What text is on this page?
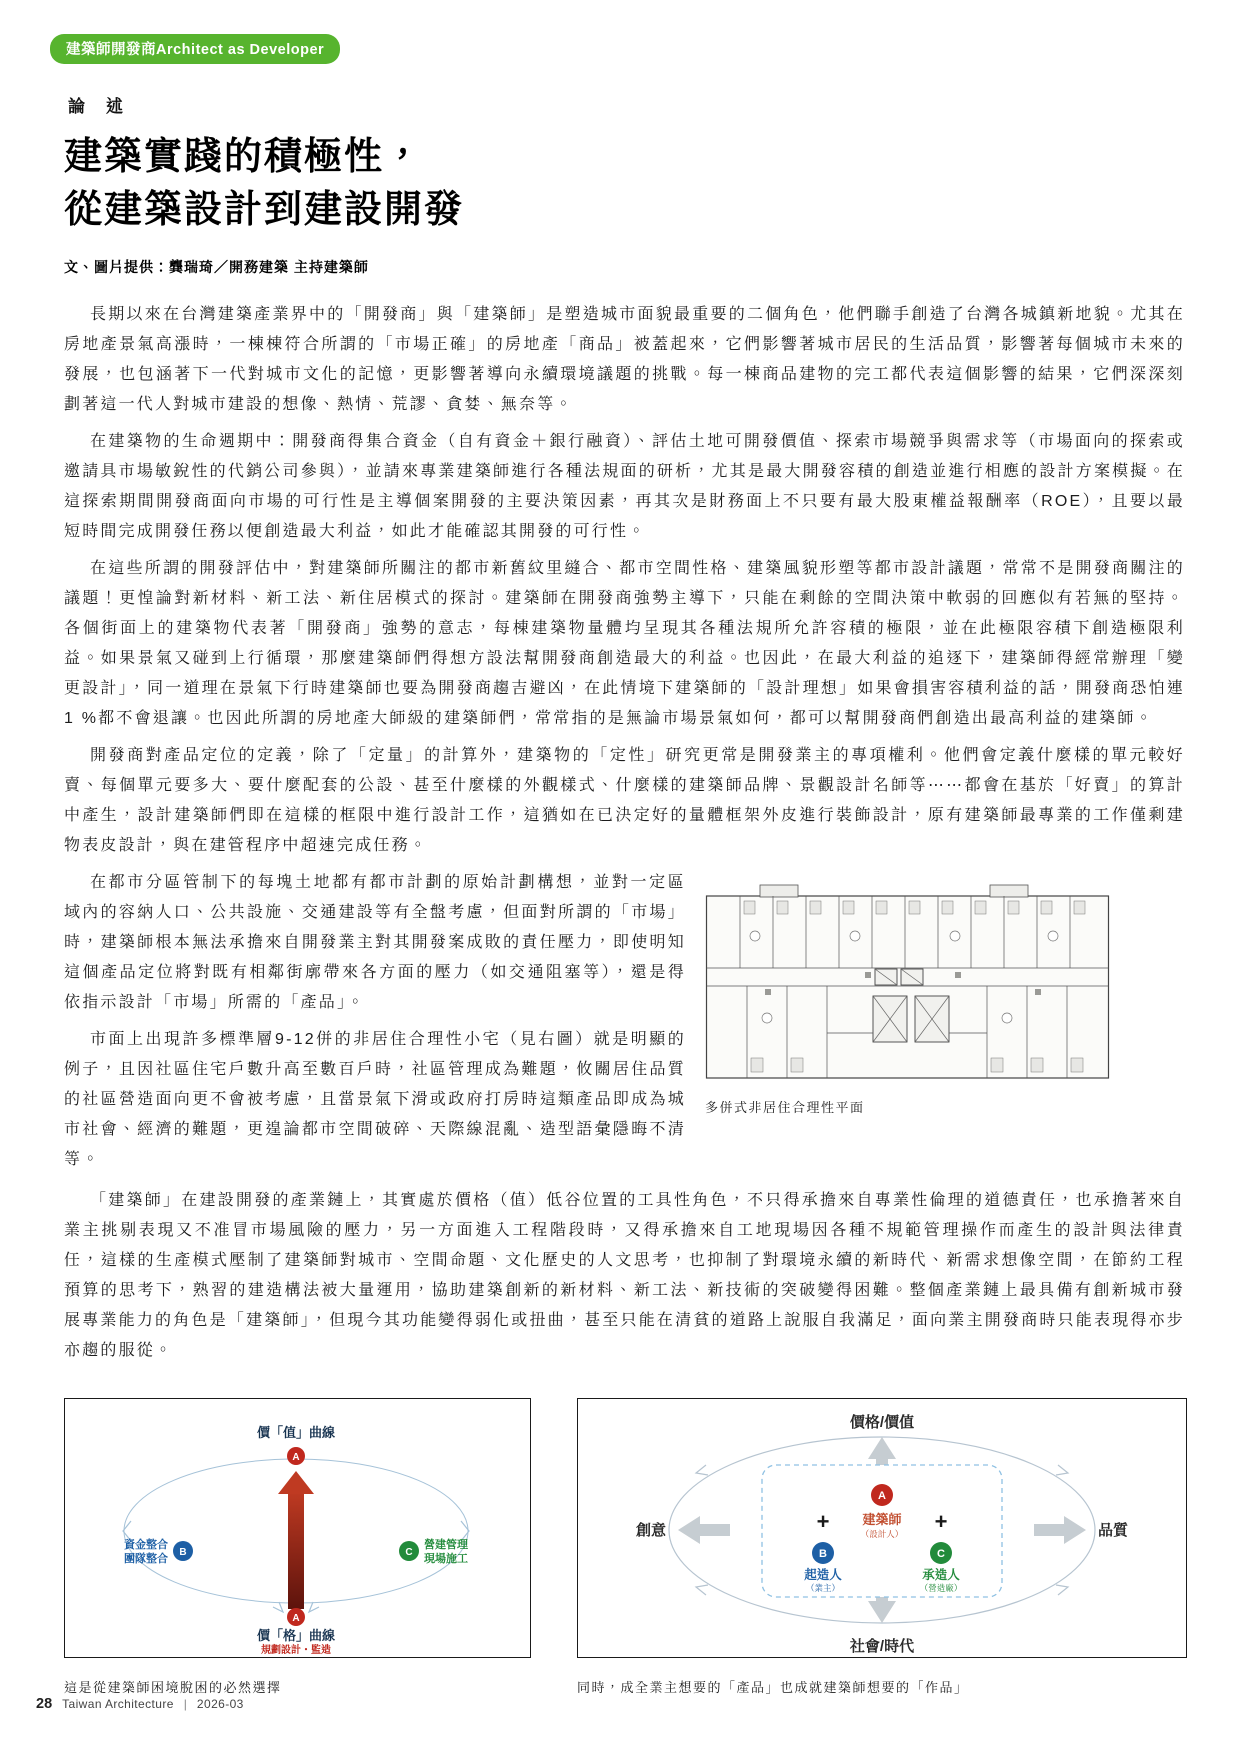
建築師開發商Architect as Developer
論　述
建築實踐的積極性，
從建築設計到建設開發
文、圖片提供：龔瑞琦／開務建築 主持建築師

長期以來在台灣建築產業界中的「開發商」與「建築師」是塑造城市面貌最重要的二個角色，他們聯手創造了台灣各城鎮新地貌。尤其在房地產景氣高漲時，一棟棟符合所謂的「市場正確」的房地產「商品」被蓋起來，它們影響著城市居民的生活品質，影響著每個城市未來的發展，也包涵著下一代對城市文化的記憶，更影響著導向永續環境議題的挑戰。每一棟商品建物的完工都代表這個影響的結果，它們深深刻劃著這一代人對城市建設的想像、熱情、荒謬、貪婪、無奈等。

在建築物的生命週期中：開發商得集合資金（自有資金＋銀行融資）、評估土地可開發價值、探索市場競爭與需求等（市場面向的探索或邀請具市場敏銳性的代銷公司參與），並請來專業建築師進行各種法規面的研析，尤其是最大開發容積的創造並進行相應的設計方案模擬。在這探索期間開發商面向市場的可行性是主導個案開發的主要決策因素，再其次是財務面上不只要有最大股東權益報酬率（ROE），且要以最短時間完成開發任務以便創造最大利益，如此才能確認其開發的可行性。

在這些所謂的開發評估中，對建築師所關注的都市新舊紋里縫合、都市空間性格、建築風貌形塑等都市設計議題，常常不是開發商關注的議題！更惶論對新材料、新工法、新住居模式的探討。建築師在開發商強勢主導下，只能在剩餘的空間決策中軟弱的回應似有若無的堅持。各個街面上的建築物代表著「開發商」強勢的意志，每棟建築物量體均呈現其各種法規所允許容積的極限，並在此極限容積下創造極限利益。如果景氣又碰到上行循環，那麼建築師們得想方設法幫開發商創造最大的利益。也因此，在最大利益的追逐下，建築師得經常辦理「變更設計」，同一道理在景氣下行時建築師也要為開發商趨吉避凶，在此情境下建築師的「設計理想」如果會損害容積利益的話，開發商恐怕連1 %都不會退讓。也因此所謂的房地產大師級的建築師們，常常指的是無論市場景氣如何，都可以幫開發商們創造出最高利益的建築師。

開發商對產品定位的定義，除了「定量」的計算外，建築物的「定性」研究更常是開發業主的專項權利。他們會定義什麼樣的單元較好賣、每個單元要多大、要什麼配套的公設、甚至什麼樣的外觀樣式、什麼樣的建築師品牌、景觀設計名師等⋯⋯都會在基於「好賣」的算計中產生，設計建築師們即在這樣的框限中進行設計工作，這猶如在已決定好的量體框架外皮進行裝飾設計，原有建築師最專業的工作僅剩建物表皮設計，與在建管程序中超速完成任務。

在都市分區管制下的每塊土地都有都市計劃的原始計劃構想，並對一定區域內的容納人口、公共設施、交通建設等有全盤考慮，但面對所謂的「市場」時，建築師根本無法承擔來自開發業主對其開發案成敗的責任壓力，即使明知這個產品定位將對既有相鄰街廓帶來各方面的壓力（如交通阻塞等），還是得依指示設計「市場」所需的「產品」。

市面上出現許多標準層9-12併的非居住合理性小宅（見右圖）就是明顯的例子，且因社區住宅戶數升高至數百戶時，社區管理成為難題，攸關居住品質的社區營造面向更不會被考慮，且當景氣下滑或政府打房時這類產品即成為城市社會、經濟的難題，更遑論都市空間破碎、天際線混亂、造型語彙隱晦不清等。

多併式非居住合理性平面

「建築師」在建設開發的產業鏈上，其實處於價格（值）低谷位置的工具性角色，不只得承擔來自專業性倫理的道德責任，也承擔著來自業主挑剔表現又不准冒市場風險的壓力，另一方面進入工程階段時，又得承擔來自工地現場因各種不規範管理操作而產生的設計與法律責任，這樣的生產模式壓制了建築師對城市、空間命題、文化歷史的人文思考，也抑制了對環境永續的新時代、新需求想像空間，在節約工程預算的思考下，熟習的建造構法被大量運用，協助建築創新的新材料、新工法、新技術的突破變得困難。整個產業鏈上最具備有創新城市發展專業能力的角色是「建築師」，但現今其功能變得弱化或扭曲，甚至只能在清貧的道路上說服自我滿足，面向業主開發商時只能表現得亦步亦趨的服從。

價「值」曲線
A
A
價「格」曲線
規劃設計・監造
B
資金整合
團隊整合
C
營建管理
現場施工
這是從建築師困境脫困的必然選擇
價格/價值
社會/時代
創意	品質
A
建築師
（設計人）
+	+
B
起造人
（業主）
C
承造人
（營造廠）
同時，成全業主想要的「產品」也成就建築師想要的「作品」
28 Taiwan Architecture | 2026-03
